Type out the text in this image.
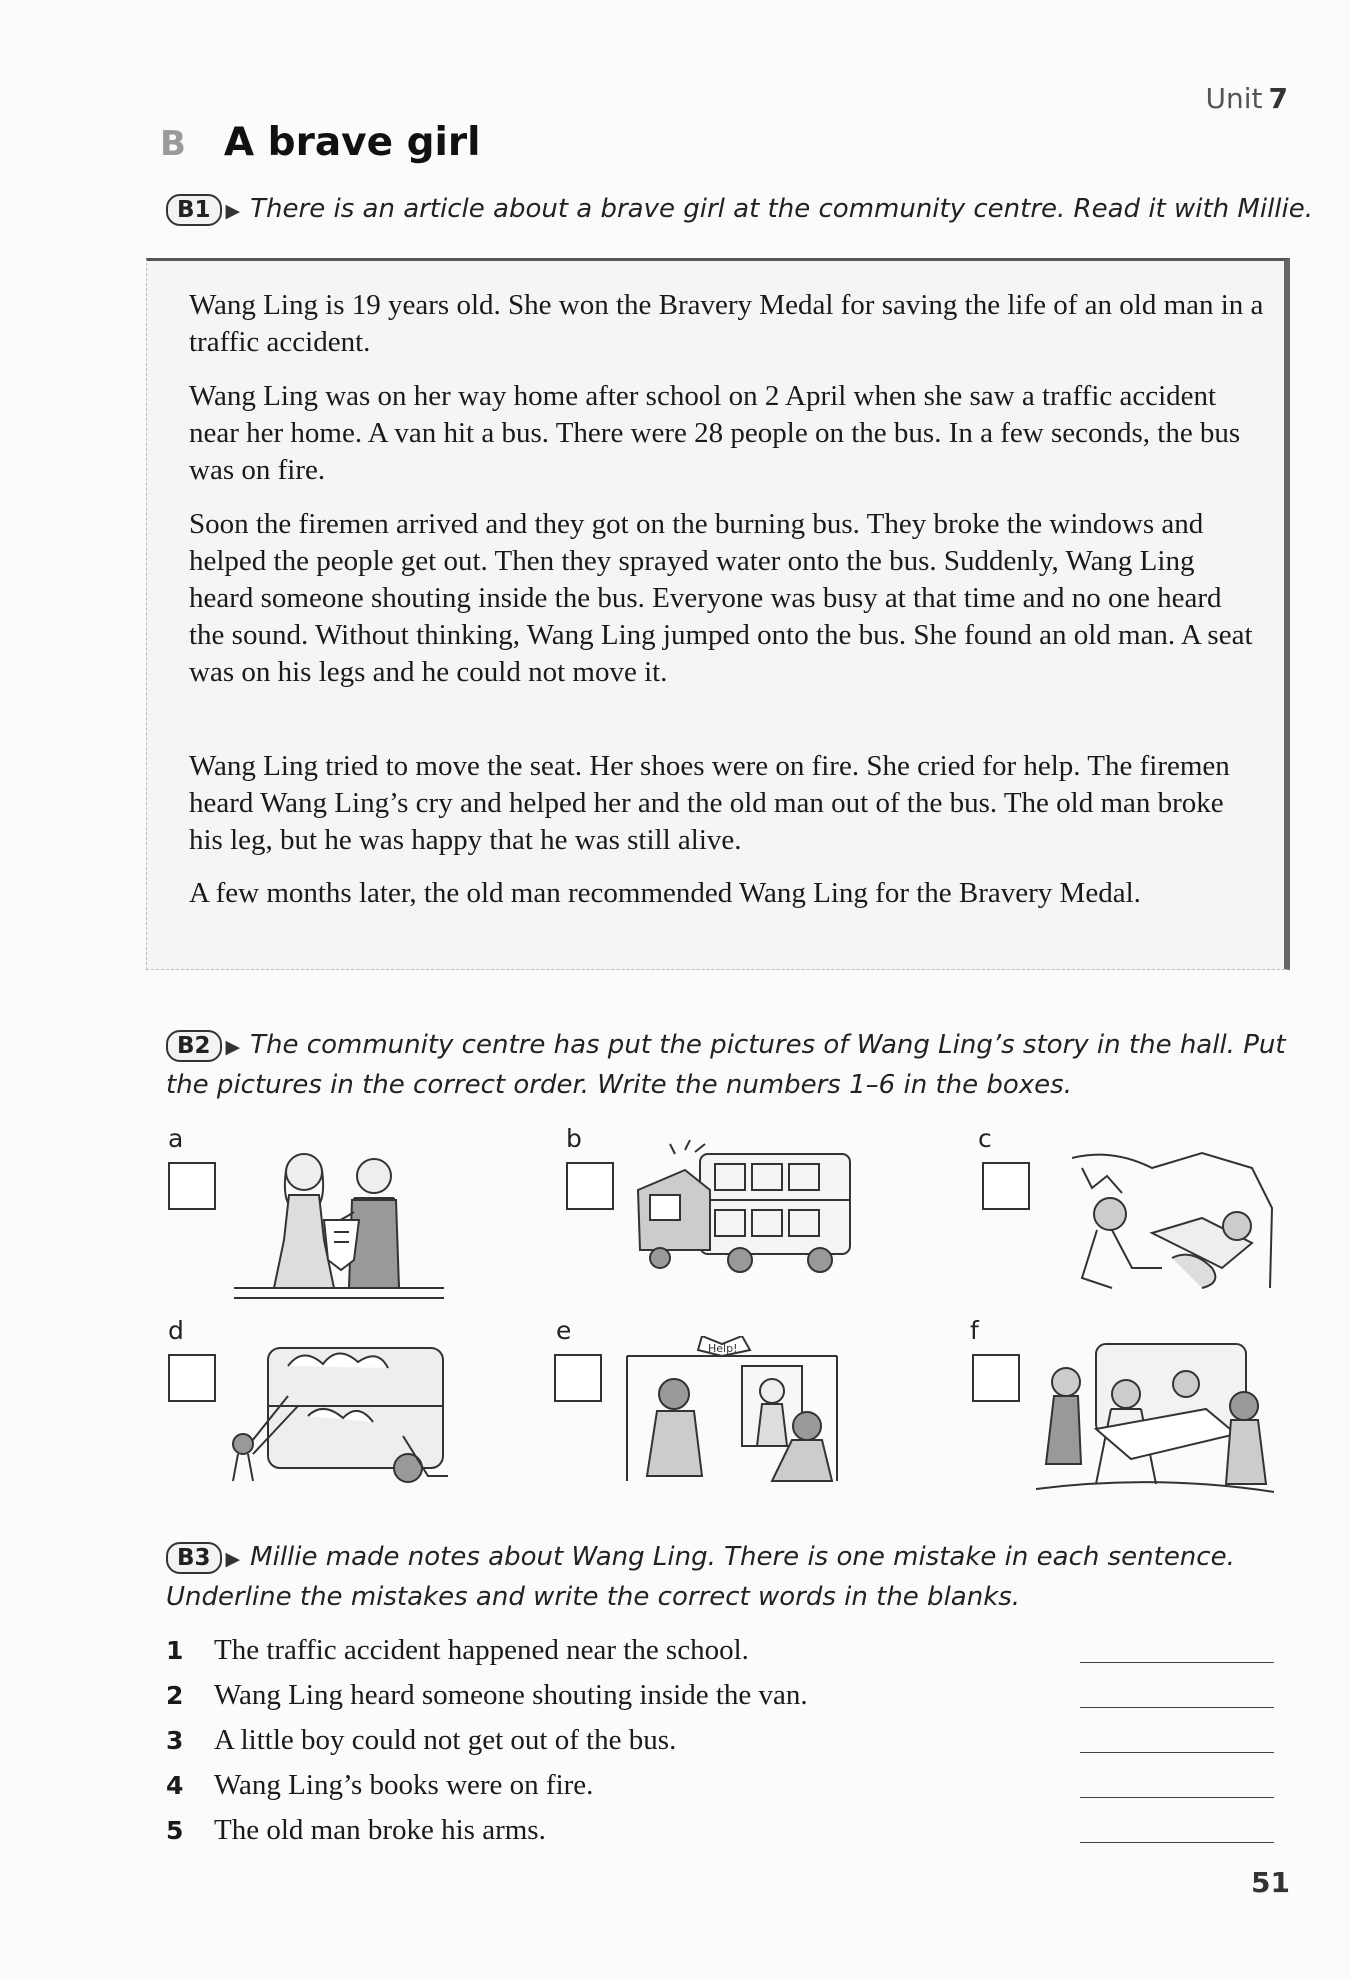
Unit 7
B A brave girl
B1 ▶ There is an article about a brave girl at the community centre. Read it with Millie.

Wang Ling is 19 years old. She won the Bravery Medal for saving the life of an old man in a traffic accident.

Wang Ling was on her way home after school on 2 April when she saw a traffic accident near her home. A van hit a bus. There were 28 people on the bus. In a few seconds, the bus was on fire.

Soon the firemen arrived and they got on the burning bus. They broke the windows and helped the people get out. Then they sprayed water onto the bus. Suddenly, Wang Ling heard someone shouting inside the bus. Everyone was busy at that time and no one heard the sound. Without thinking, Wang Ling jumped onto the bus. She found an old man. A seat was on his legs and he could not move it.

Wang Ling tried to move the seat. Her shoes were on fire. She cried for help. The firemen heard Wang Ling’s cry and helped her and the old man out of the bus. The old man broke his leg, but he was happy that he was still alive.

A few months later, the old man recommended Wang Ling for the Bravery Medal.

B2 ▶ The community centre has put the pictures of Wang Ling’s story in the hall. Put
the pictures in the correct order. Write the numbers 1–6 in the boxes.
a	b	c
d	e
Help!
f
B3 ▶ Millie made notes about Wang Ling. There is one mistake in each sentence.
Underline the mistakes and write the correct words in the blanks.
1 The traffic accident happened near the school.
2 Wang Ling heard someone shouting inside the van.
3 A little boy could not get out of the bus.
4 Wang Ling’s books were on fire.
5 The old man broke his arms.
51
